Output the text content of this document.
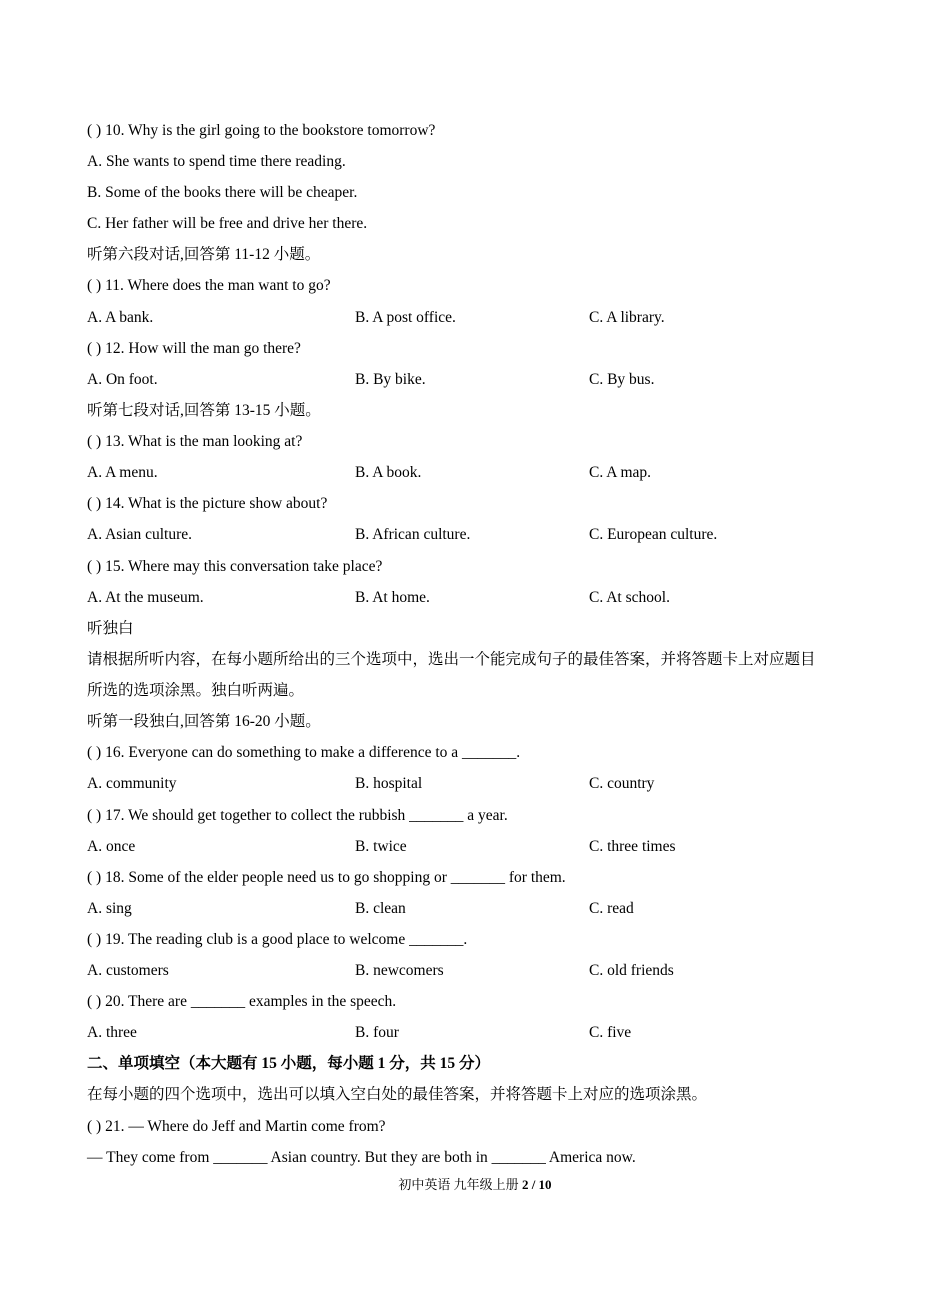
( ) 10. Why is the girl going to the bookstore tomorrow?
A. She wants to spend time there reading.
B. Some of the books there will be cheaper.
C. Her father will be free and drive her there.
听第六段对话,回答第 11-12 小题。
( ) 11. Where does the man want to go?
A. A bank.	B. A post office.	C. A library.
( ) 12. How will the man go there?
A. On foot.	B. By bike.	C. By bus.
听第七段对话,回答第 13-15 小题。
( ) 13. What is the man looking at?
A. A menu.	B. A book.	C. A map.
( ) 14. What is the picture show about?
A. Asian culture.	B. African culture.	C. European culture.
( ) 15. Where may this conversation take place?
A. At the museum.	B. At home.	C. At school.
听独白
请根据所听内容，在每小题所给出的三个选项中，选出一个能完成句子的最佳答案，并将答题卡上对应题目
所选的选项涂黑。独白听两遍。
听第一段独白,回答第 16-20 小题。
( ) 16. Everyone can do something to make a difference to a _______.
A. community	B. hospital	C. country
( ) 17. We should get together to collect the rubbish _______ a year.
A. once	B. twice	C. three times
( ) 18. Some of the elder people need us to go shopping or _______ for them.
A. sing	B. clean	C. read
( ) 19. The reading club is a good place to welcome _______.
A. customers	B. newcomers	C. old friends
( ) 20. There are _______ examples in the speech.
A. three	B. four	C. five
二、单项填空（本大题有 15 小题，每小题 1 分，共 15 分）
在每小题的四个选项中，选出可以填入空白处的最佳答案，并将答题卡上对应的选项涂黑。
( ) 21. — Where do Jeff and Martin come from?
— They come from _______ Asian country. But they are both in _______ America now.
初中英语 九年级上册 2 / 10
